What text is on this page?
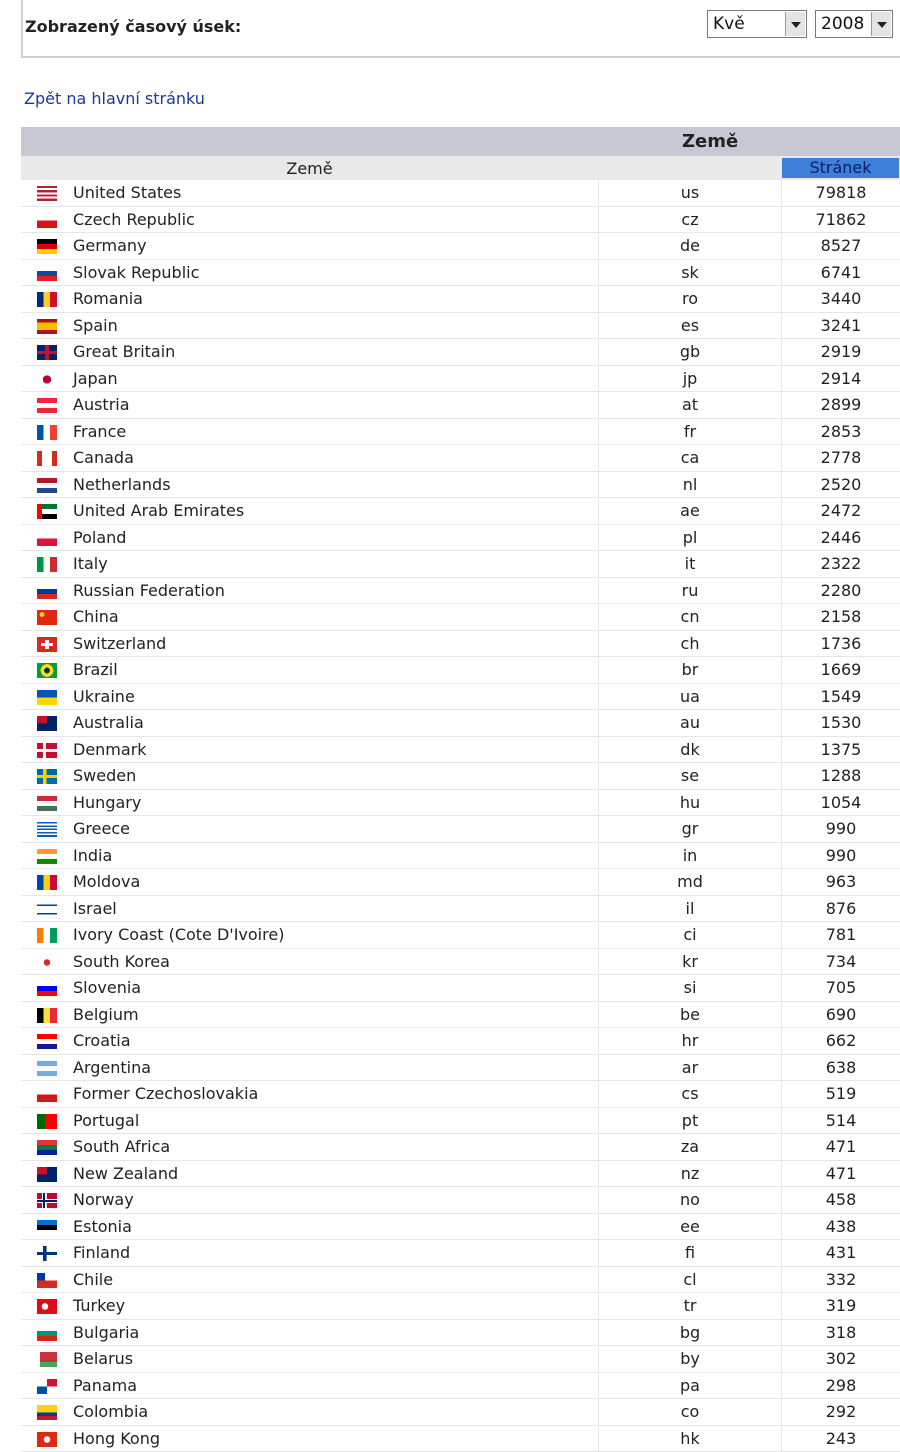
Zobrazený časový úsek:	Kvě	2008
Zpět na hlavní stránku
Země
Země	Stránek
	United States	us	79818
	Czech Republic	cz	71862
	Germany	de	8527
	Slovak Republic	sk	6741
	Romania	ro	3440
	Spain	es	3241
	Great Britain	gb	2919
	Japan	jp	2914
	Austria	at	2899
	France	fr	2853
	Canada	ca	2778
	Netherlands	nl	2520
	United Arab Emirates	ae	2472
	Poland	pl	2446
	Italy	it	2322
	Russian Federation	ru	2280
	China	cn	2158
	Switzerland	ch	1736
	Brazil	br	1669
	Ukraine	ua	1549
	Australia	au	1530
	Denmark	dk	1375
	Sweden	se	1288
	Hungary	hu	1054
	Greece	gr	990
	India	in	990
	Moldova	md	963
	Israel	il	876
	Ivory Coast (Cote D'Ivoire)	ci	781
	South Korea	kr	734
	Slovenia	si	705
	Belgium	be	690
	Croatia	hr	662
	Argentina	ar	638
	Former Czechoslovakia	cs	519
	Portugal	pt	514
	South Africa	za	471
	New Zealand	nz	471
	Norway	no	458
	Estonia	ee	438
	Finland	fi	431
	Chile	cl	332
	Turkey	tr	319
	Bulgaria	bg	318
	Belarus	by	302
	Panama	pa	298
	Colombia	co	292
	Hong Kong	hk	243
